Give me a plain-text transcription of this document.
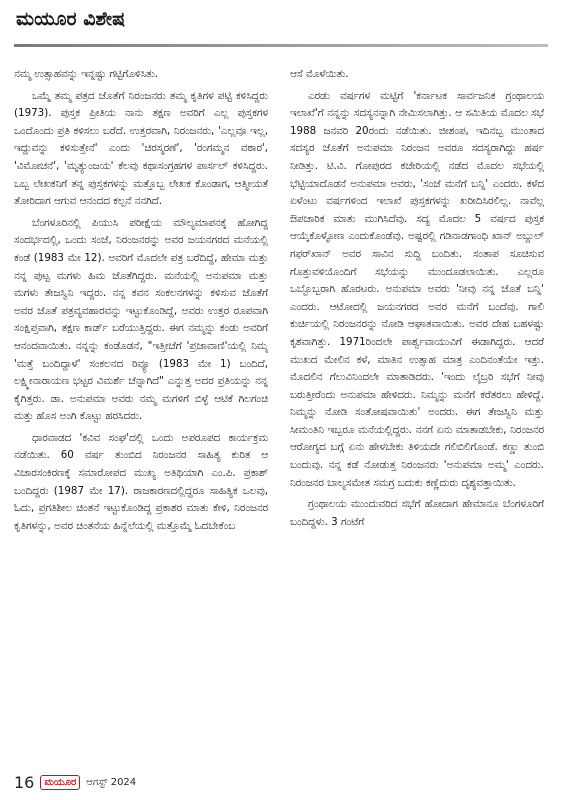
ಮಯೂರ ವಿಶೇಷ

ನಮ್ಮ ಉತ್ಸಾಹವನ್ನು ಇನ್ನಷ್ಟು ಗಟ್ಟಿಗೊಳಿಸಿತು.

ಒಮ್ಮೆ ತಮ್ಮ ಪತ್ರದ ಜೊತೆಗೆ ನಿರಂಜನರು ತಮ್ಮ ಕೃತಿಗಳ ಪಟ್ಟಿ ಕಳಿಸಿದ್ದರು (1973). ಪುಸ್ತಕ ಪ್ರೀತಿಯ ನಾನು ತಕ್ಷಣ ಅವರಿಗೆ ಎಲ್ಲ ಪುಸ್ತಕಗಳ ಒಂದೊಂದು ಪ್ರತಿ ಕಳಿಸಲು ಬರೆದೆ. ಉತ್ತರವಾಗಿ, ನಿರಂಜನರು, 'ಎಲ್ಲವೂ ಇಲ್ಲ, ಇದ್ದುವನ್ನು ಕಳಿಸುತ್ತೇನೆ' ಎಂದು 'ಚಿರಸ್ಮರಣೆ', 'ರಂಗಮ್ಮನ ವಠಾರ', 'ವಿಮೋಚನೆ', 'ಮೃತ್ಯುಂಜಯ' ಕೆಲವು ಕಥಾಸಂಗ್ರಹಗಳ ಪಾರ್ಸಲ್ ಕಳಿಸಿದ್ದರು. ಒಬ್ಬ ಲೇಖಕನಿಗೆ ತನ್ನ ಪುಸ್ತಕಗಳನ್ನು ಮತ್ತೊಬ್ಬ ಲೇಖಕ ಕೊಂಡಾಗ, ಆತ್ಮೀಯತೆ ತೋರಿದಾಗ ಆಗುವ ಆನಂದದ ಕಲ್ಪನೆ ನನಗಿದೆ.

ಬೆಂಗಳೂರಿನಲ್ಲಿ ಪಿಯುಸಿ ಪರೀಕ್ಷೆಯ ಮೌಲ್ಯಮಾಪನಕ್ಕೆ ಹೋಗಿದ್ದ ಸಂದರ್ಭದಲ್ಲಿ, ಒಂದು ಸಂಜೆ, ನಿರಂಜನರನ್ನು ಅವರ ಜಯನಗರದ ಮನೆಯಲ್ಲಿ ಕಂಡೆ (1983 ಮೇ 12). ಅವರಿಗೆ ಮೊದಲೇ ಪತ್ರ ಬರೆದಿದ್ದೆ, ಹೇಮಾ ಮತ್ತು ನನ್ನ ಪುಟ್ಟ ಮಗಳು ಹಿಮ ಜೊತೆಗಿದ್ದರು. ಮನೆಯಲ್ಲಿ ಅನುಪಮಾ ಮತ್ತು ಮಗಳು ತೇಜಸ್ವಿನಿ ಇದ್ದರು. ನನ್ನ ಕವನ ಸಂಕಲನಗಳನ್ನು ಕಳಿಸುವ ಜೊತೆಗೆ ಅವರ ಜೊತೆ ಪತ್ರವ್ಯವಹಾರವನ್ನು ಇಟ್ಟುಕೊಂಡಿದ್ದೆ, ಅವರು ಉತ್ತರ ರೂಪವಾಗಿ ಸಂಕ್ಷಿಪ್ತವಾಗಿ, ತಕ್ಷಣ ಕಾರ್ಡ್ ಬರೆಯುತ್ತಿದ್ದರು. ಈಗ ನಮ್ಮನ್ನು ಕಂಡು ಅವರಿಗೆ ಆನಂದವಾಯಿತು. ನನ್ನನ್ನು ಕಂಡೊಡನೆ, "ಇತ್ತೀಚೆಗೆ 'ಪ್ರಜಾವಾಣಿ'ಯಲ್ಲಿ ನಿಮ್ಮ 'ಮತ್ತೆ ಬಂದಿದ್ದಾಳೆ' ಸಂಕಲನದ ರಿವ್ಯೂ (1983 ಮೇ 1) ಬಂದಿದೆ, ಲಕ್ಷ್ಮೀನಾರಾಯಣ ಭಟ್ಟರ ವಿಮರ್ಶೆ ಚೆನ್ನಾಗಿದೆ" ಎನ್ನುತ್ತ ಅದರ ಪ್ರತಿಯನ್ನು ನನ್ನ ಕೈಗಿತ್ತರು. ಡಾ. ಅನುಪಮಾ ಅವರು ನಮ್ಮ ಮಗಳಿಗೆ ಬಿಳ್ಳೆ ಆಟಿಕೆ ಗಿಲಗಂಚಿ ಮತ್ತು ಹೊಸ ಅಂಗಿ ಕೊಟ್ಟು ಹರಸಿದರು.

ಧಾರವಾಡದ 'ಕವಿವ ಸಂಘ'ದಲ್ಲಿ ಒಂದು ಅಪರೂಪದ ಕಾರ್ಯಕ್ರಮ ನಡೆಯಿತು. 60 ವರ್ಷ ತುಂಬಿದ ನಿರಂಜನರ ಸಾಹಿತ್ಯ ಕುರಿತ ಆ ವಿಚಾರಸಂಕಿರಣಕ್ಕೆ ಸಮಾರೋಪದ ಮುಖ್ಯ ಅತಿಥಿಯಾಗಿ ಎಂ.ಪಿ. ಪ್ರಕಾಶ್ ಬಂದಿದ್ದರು (1987 ಮೇ 17). ರಾಜಕಾರಣದಲ್ಲಿದ್ದರೂ ಸಾಹಿತ್ಯಿಕ ಒಲವು, ಓದು, ಪ್ರಗತಿಶೀಲ ಚಿಂತನೆ ಇಟ್ಟುಕೊಂಡಿದ್ದ ಪ್ರಕಾಶರ ಮಾತು ಕೇಳಿ, ನಿರಂಜನರ ಕೃತಿಗಳನ್ನು, ಅವರ ಚಿಂತನೆಯ ಹಿನ್ನೆಲೆಯಲ್ಲಿ ಮತ್ತೊಮ್ಮೆ ಓದಬೇಕೆಂಬ

ಆಸೆ ಮೊಳೆಯಿತು.

ಎರಡು ವರ್ಷಗಳ ಮಟ್ಟಿಗೆ 'ಕರ್ನಾಟಕ ಸಾರ್ವಜನಿಕ ಗ್ರಂಥಾಲಯ ಇಲಾಖೆ'ಗೆ ನನ್ನನ್ನು ಸದಸ್ಯನನ್ನಾಗಿ ನೇಮಿಸಲಾಗಿತ್ತು. ಆ ಸಮಿತಿಯ ಮೊದಲ ಸಭೆ 1988 ಜನವರಿ 20ರಂದು ನಡೆಯಿತು. ಜೀಶಂಪ, ಇದಿನಬ್ಬ ಮುಂತಾದ ಸದಸ್ಯರ ಜೊತೆಗೆ ಅನುಪಮಾ ನಿರಂಜನ ಅವರೂ ಸದಸ್ಯರಾಗಿದ್ದು ಹರ್ಷ ನೀಡಿತ್ತು. ಟಿ.ವಿ. ಗೋಪುರದ ಕಚೇರಿಯಲ್ಲಿ ನಡೆದ ಮೊದಲ ಸಭೆಯಲ್ಲಿ ಭೆಟ್ಟಿಯಾದೊಡನೆ ಅನುಪಮಾ ಅವರು, 'ಸಂಜೆ ಮನೆಗೆ ಬನ್ನಿ' ಎಂದರು. ಕಳೆದ ಏಳೆಂಟು ವರ್ಷಗಳಿಂದ ಇಲಾಖೆ ಪುಸ್ತಕಗಳನ್ನು ಖರೀದಿಸಿರಲಿಲ್ಲ. ನಾವೆಲ್ಲ ಔಪಚಾರಿಕ ಮಾತು ಮುಗಿಸಿದೆವು. ಸದ್ಯ ಮೊದಲ 5 ವರ್ಷದ ಪುಸ್ತಕ ಆಯ್ಕೆಕೊಳ್ಳೋಣ ಎಂದುಕೊಂಡೆವು. ಅಷ್ಟರಲ್ಲಿ ಗಡಿನಾಡಗಾಂಧಿ ಖಾನ್ ಅಬ್ದುಲ್ ಗಫರ್‌ಖಾನ್ ಅವರ ಸಾವಿನ ಸುದ್ದಿ ಬಂದಿತು. ಸಂತಾಪ ಸೂಚಿಸುವ ಗೊತ್ತುವಳಿಯೊಂದಿಗೆ ಸಭೆಯನ್ನು ಮುಂದೂಡಲಾಯಿತು. ಎಲ್ಲರೂ ಒಬ್ಬೊಬ್ಬರಾಗಿ ಹೊರಟರು. ಅನುಪಮಾ ಅವರು 'ನೀವು ನನ್ನ ಜೊತೆ ಬನ್ನಿ' ಎಂದರು. ಆಟೋದಲ್ಲಿ ಜಯನಗರದ ಅವರ ಮನೆಗೆ ಬಂದೆವು. ಗಾಲಿ ಕುರ್ಚಿಯಲ್ಲಿ ನಿರಂಜನರನ್ನು ನೋಡಿ ಆಘಾತವಾಯಿತು. ಅವರ ದೇಹ ಬಹಳಷ್ಟು ಕೃಶವಾಗಿತ್ತು. 1971ರಿಂದಲೇ ಪಾರ್ಶ್ವವಾಯುವಿಗೆ ಈಡಾಗಿದ್ದರು. ಆದರೆ ಮುಖದ ಮೇಲಿನ ಕಳೆ, ಮಾತಿನ ಉತ್ಸಾಹ ಮಾತ್ರ ಎಂದಿನಂತೆಯೇ ಇತ್ತು. ಮೊದಲಿನ ಗೆಲುವಿನಿಂದಲೇ ಮಾತಾಡಿದರು. 'ಇಂದು ಲೈಬ್ರರಿ ಸಭೆಗೆ ನೀವು ಬರುತ್ತೀರೆಂದು ಅನುಪಮಾ ಹೇಳಿದರು. ನಿಮ್ಮನ್ನು ಮನೆಗೆ ಕರೆತರಲು ಹೇಳಿದ್ದೆ. ನಿಮ್ಮನ್ನು ನೋಡಿ ಸಂತೋಷವಾಯಿತು' ಅಂದರು. ಈಗ ತೇಜಸ್ವಿನಿ ಮತ್ತು ಸೀಮಂತಿನಿ ಇಬ್ಬರೂ ಮನೆಯಲ್ಲಿದ್ದರು. ನನಗೆ ಏನು ಮಾತಾಡಬೇಕು, ನಿರಂಜನರ ಆರೋಗ್ಯದ ಬಗ್ಗೆ ಏನು ಹೇಳಬೇಕು ತಿಳಿಯದೇ ಗಲಿಬಿಲಿಗೊಂಡೆ. ಕಣ್ಣು ತುಂಬಿ ಬಂದುವು. ನನ್ನ ಕಡೆ ನೋಡುತ್ತ ನಿರಂಜನರು 'ಅನುಪಮಾ ಅಮ್ಮ' ಎಂದರು. ನಿರಂಜನರ ಬಾಲ್ಯಸಮೇತ ಸಮಗ್ರ ಬದುಕು ಕಣ್ಣೆದುರು ದೃಶ್ಯವತ್ತಾಯಿತು.

ಗ್ರಂಥಾಲಯ ಮುಂದುವರಿದ ಸಭೆಗೆ ಹೋದಾಗ ಹೇಮಾನೂ ಬೆಂಗಳೂರಿಗೆ ಬಂದಿದ್ದಳು. 3 ಗಂಟೆಗೆ

16	ಮಯೂರ	ಆಗಸ್ಟ್ 2024
